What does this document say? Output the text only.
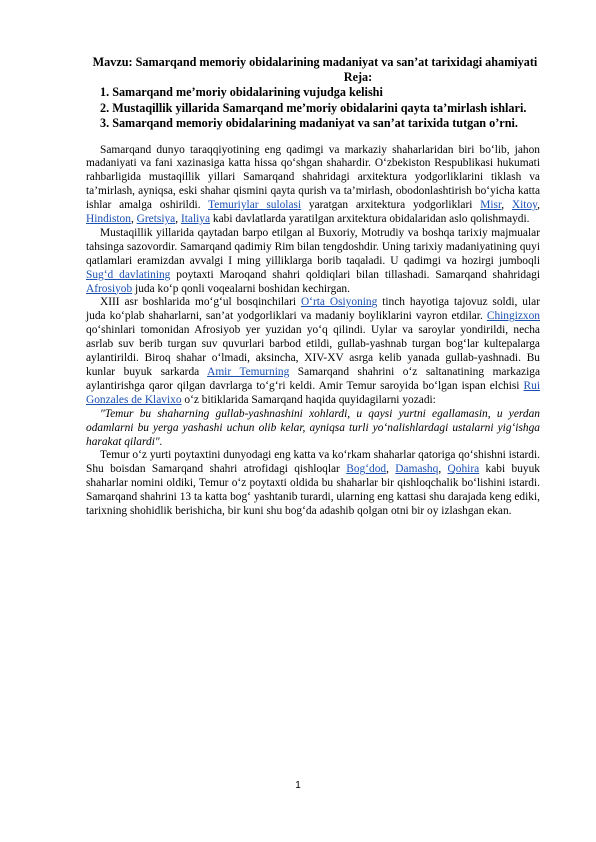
Mavzu: Samarqand memoriy obidalarining madaniyat va san’at tarixidagi ahamiyati
Reja:

1. Samarqand me’moriy obidalarining vujudga kelishi

2. Mustaqillik yillarida Samarqand me’moriy obidalarini qayta ta’mirlash ishlari.

3. Samarqand memoriy obidalarining madaniyat va san’at tarixida tutgan o’rni.

Samarqand dunyo taraqqiyotining eng qadimgi va markaziy shaharlaridan biri bo‘lib, jahon madaniyati va fani xazinasiga katta hissa qo‘shgan shahardir. O‘zbekiston Respublikasi hukumati rahbarligida mustaqillik yillari Samarqand shahridagi arxitektura yodgorliklarini tiklash va ta’mirlash, ayniqsa, eski shahar qismini qayta qurish va ta’mirlash, obodonlashtirish bo‘yicha katta ishlar amalga oshirildi. Temuriylar sulolasi yaratgan arxitektura yodgorliklari Misr, Xitoy, Hindiston, Gretsiya, Italiya kabi davlatlarda yaratilgan arxitektura obidalaridan aslo qolishmaydi.

Mustaqillik yillarida qaytadan barpo etilgan al Buxoriy, Motrudiy va boshqa tarixiy majmualar tahsinga sazovordir. Samarqand qadimiy Rim bilan tengdoshdir. Uning tarixiy madaniyatining quyi qatlamlari eramizdan avvalgi I ming yilliklarga borib taqaladi. U qadimgi va hozirgi jumboqli Sug‘d davlatining poytaxti Maroqand shahri qoldiqlari bilan tillashadi. Samarqand shahridagi Afrosiyob juda ko‘p qonli voqealarni boshidan kechirgan.

XIII asr boshlarida mo‘g‘ul bosqinchilari O‘rta Osiyoning tinch hayotiga tajovuz soldi, ular juda ko‘plab shaharlarni, san’at yodgorliklari va madaniy boyliklarini vayron etdilar. Chingizxon qo‘shinlari tomonidan Afrosiyob yer yuzidan yo‘q qilindi. Uylar va saroylar yondirildi, necha asrlab suv berib turgan suv quvurlari barbod etildi, gullab-yashnab turgan bog‘lar kultepalarga aylantirildi. Biroq shahar o‘lmadi, aksincha, XIV-XV asrga kelib yanada gullab-yashnadi. Bu kunlar buyuk sarkarda Amir Temurning Samarqand shahrini o‘z saltanatining markaziga aylantirishga qaror qilgan davrlarga to‘g‘ri keldi. Amir Temur saroyida bo‘lgan ispan elchisi Rui Gonzales de Klavixo o‘z bitiklarida Samarqand haqida quyidagilarni yozadi:

"Temur bu shaharning gullab-yashnashini xohlardi, u qaysi yurtni egallamasin, u yerdan odamlarni bu yerga yashashi uchun olib kelar, ayniqsa turli yo‘nalishlardagi ustalarni yig‘ishga harakat qilardi".

Temur o‘z yurti poytaxtini dunyodagi eng katta va ko‘rkam shaharlar qatoriga qo‘shishni istardi. Shu boisdan Samarqand shahri atrofidagi qishloqlar Bog‘dod, Damashq, Qohira kabi buyuk shaharlar nomini oldiki, Temur o‘z poytaxti oldida bu shaharlar bir qishloqchalik bo‘lishini istardi. Samarqand shahrini 13 ta katta bog‘ yashtanib turardi, ularning eng kattasi shu darajada keng ediki, tarixning shohidlik berishicha, bir kuni shu bog‘da adashib qolgan otni bir oy izlashgan ekan.

1
